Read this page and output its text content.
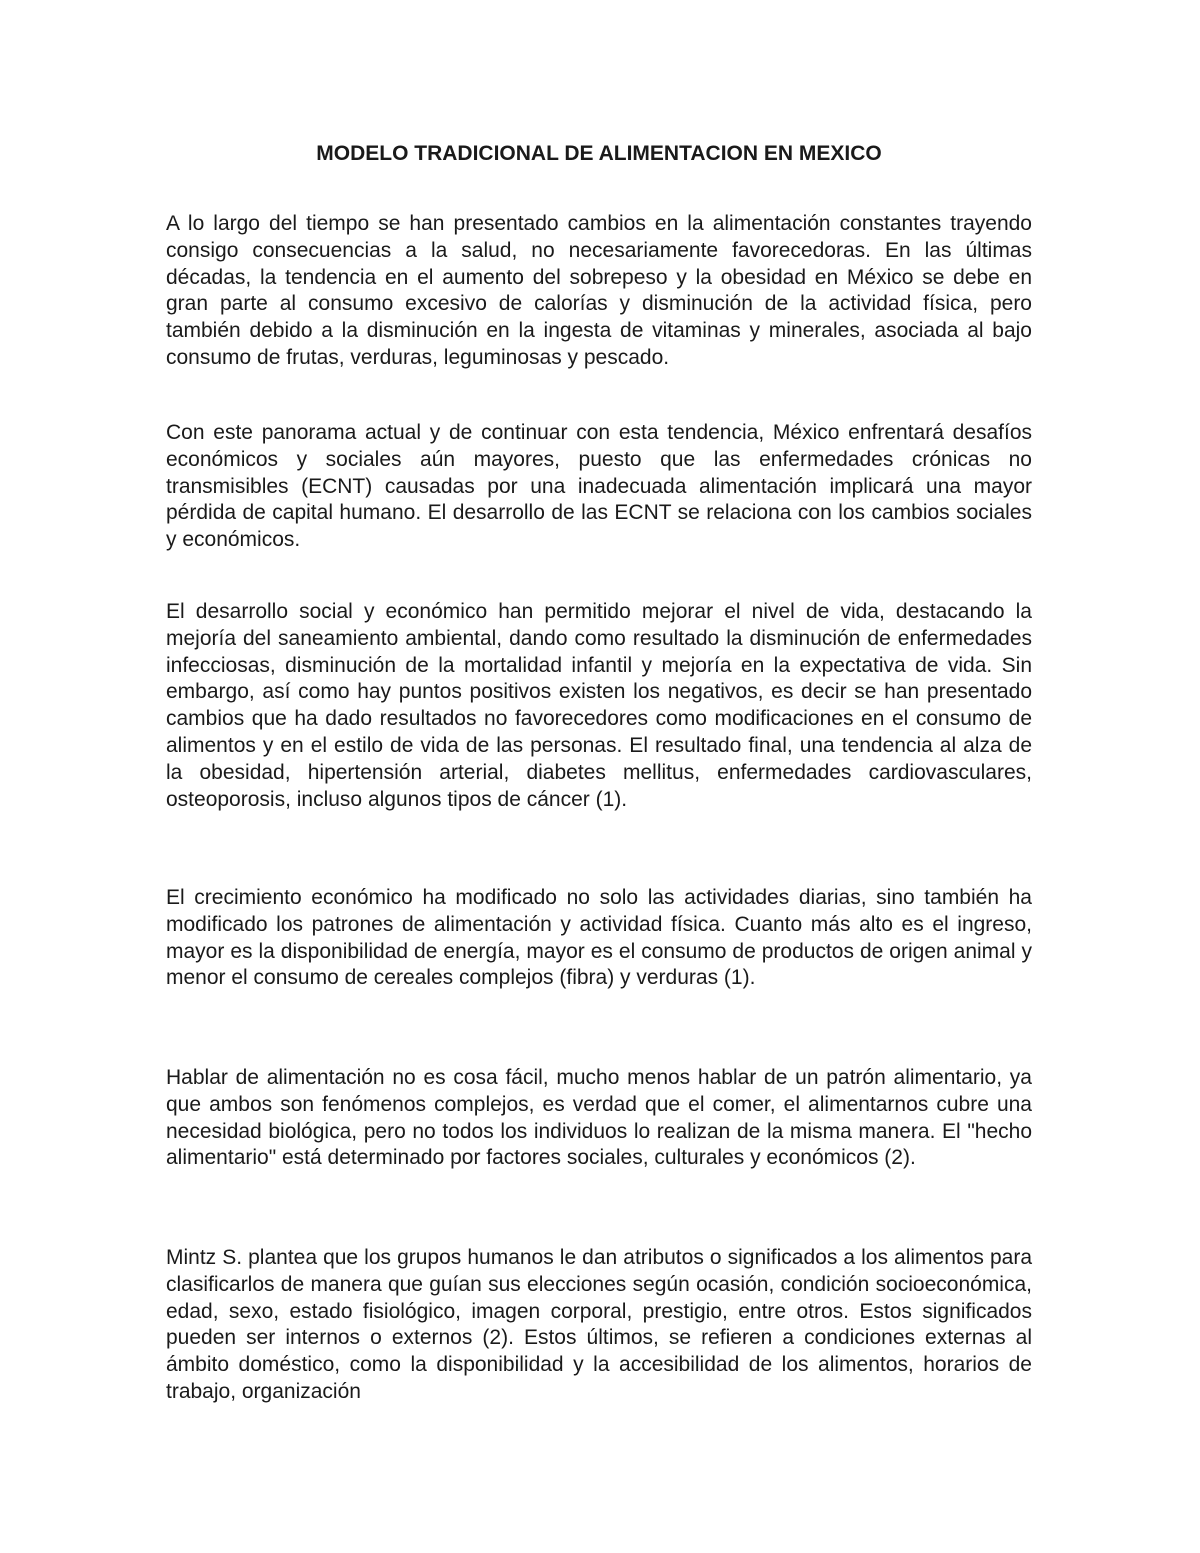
MODELO TRADICIONAL DE ALIMENTACION EN MEXICO

A lo largo del tiempo se han presentado cambios en la alimentación constantes trayendo consigo consecuencias a la salud, no necesariamente favorecedoras. En las últimas décadas, la tendencia en el aumento del sobrepeso y la obesidad en México se debe en gran parte al consumo excesivo de calorías y disminución de la actividad física, pero también debido a la disminución en la ingesta de vitaminas y minerales, asociada al bajo consumo de frutas, verduras, leguminosas y pescado.

Con este panorama actual y de continuar con esta tendencia, México enfrentará desafíos económicos y sociales aún mayores, puesto que las enfermedades crónicas no transmisibles (ECNT) causadas por una inadecuada alimentación implicará una mayor pérdida de capital humano. El desarrollo de las ECNT se relaciona con los cambios sociales y económicos.

El desarrollo social y económico han permitido mejorar el nivel de vida, destacando la mejoría del saneamiento ambiental, dando como resultado la disminución de enfermedades infecciosas, disminución de la mortalidad infantil y mejoría en la expectativa de vida. Sin embargo, así como hay puntos positivos existen los negativos, es decir se han presentado cambios que ha dado resultados no favorecedores como modificaciones en el consumo de alimentos y en el estilo de vida de las personas. El resultado final, una tendencia al alza de la obesidad, hipertensión arterial, diabetes mellitus, enfermedades cardiovasculares, osteoporosis, incluso algunos tipos de cáncer (1).

El crecimiento económico ha modificado no solo las actividades diarias, sino también ha modificado los patrones de alimentación y actividad física. Cuanto más alto es el ingreso, mayor es la disponibilidad de energía, mayor es el consumo de productos de origen animal y menor el consumo de cereales complejos (fibra) y verduras (1).

Hablar de alimentación no es cosa fácil, mucho menos hablar de un patrón alimentario, ya que ambos son fenómenos complejos, es verdad que el comer, el alimentarnos cubre una necesidad biológica, pero no todos los individuos lo realizan de la misma manera. El "hecho alimentario" está determinado por factores sociales, culturales y económicos (2).

Mintz S. plantea que los grupos humanos le dan atributos o significados a los alimentos para clasificarlos de manera que guían sus elecciones según ocasión, condición socioeconómica, edad, sexo, estado fisiológico, imagen corporal, prestigio, entre otros. Estos significados pueden ser internos o externos (2). Estos últimos, se refieren a condiciones externas al ámbito doméstico, como la disponibilidad y la accesibilidad de los alimentos, horarios de trabajo, organización
